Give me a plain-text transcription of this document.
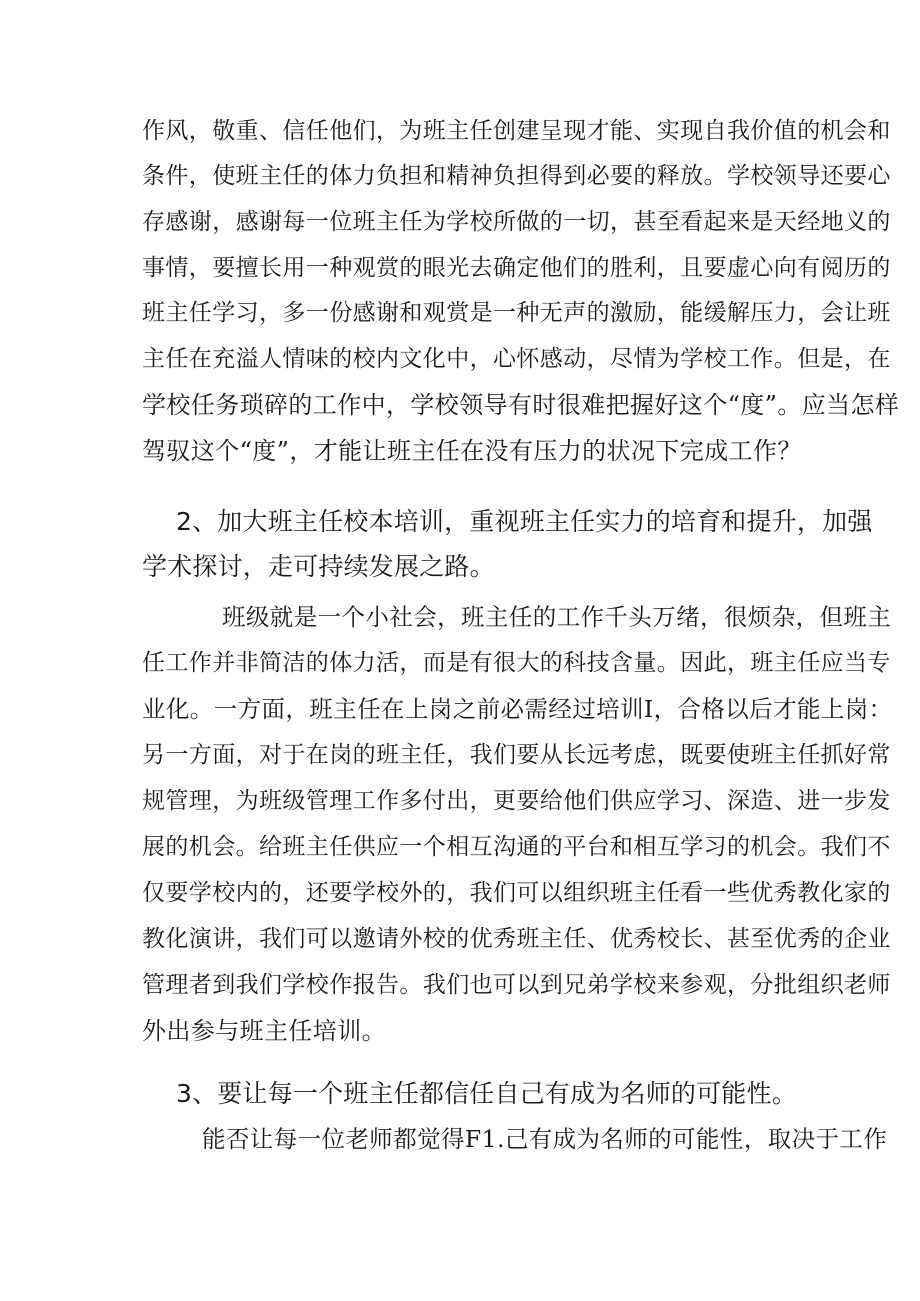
作风，敬重、信任他们，为班主任创建呈现才能、实现自我价值的机会和
条件，使班主任的体力负担和精神负担得到必要的释放。学校领导还要心
存感谢，感谢每一位班主任为学校所做的一切，甚至看起来是天经地义的
事情，要擅长用一种观赏的眼光去确定他们的胜利，且要虚心向有阅历的
班主任学习，多一份感谢和观赏是一种无声的激励，能缓解压力，会让班
主任在充溢人情味的校内文化中，心怀感动，尽情为学校工作。但是，在
学校任务琐碎的工作中，学校领导有时很难把握好这个“度”。应当怎样
驾驭这个“度”，才能让班主任在没有压力的状况下完成工作？
2、加大班主任校本培训，重视班主任实力的培育和提升，加强
学术探讨，走可持续发展之路。
班级就是一个小社会，班主任的工作千头万绪，很烦杂，但班主
任工作并非简洁的体力活，而是有很大的科技含量。因此，班主任应当专
业化。一方面，班主任在上岗之前必需经过培训I，合格以后才能上岗：
另一方面，对于在岗的班主任，我们要从长远考虑，既要使班主任抓好常
规管理，为班级管理工作多付出，更要给他们供应学习、深造、进一步发
展的机会。给班主任供应一个相互沟通的平台和相互学习的机会。我们不
仅要学校内的，还要学校外的，我们可以组织班主任看一些优秀教化家的
教化演讲，我们可以邀请外校的优秀班主任、优秀校长、甚至优秀的企业
管理者到我们学校作报告。我们也可以到兄弟学校来参观，分批组织老师
外出参与班主任培训。
3、要让每一个班主任都信任自己有成为名师的可能性。
能否让每一位老师都觉得F1.己有成为名师的可能性，取决于工作
